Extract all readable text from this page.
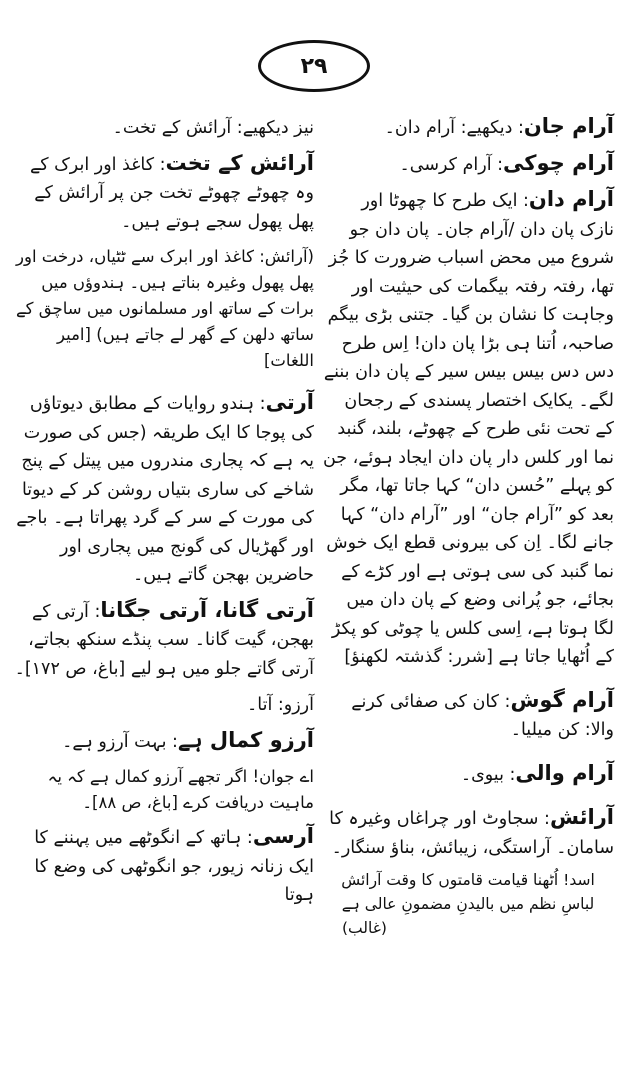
۲۹
آرام جان: دیکھیے: آرام دان۔
آرام چوکی: آرام کرسی۔
آرام دان: ایک طرح کا چھوٹا اور نازک پان دان /آرام جان۔ پان دان جو شروع میں محض اسباب ضرورت کا جُز تھا، رفتہ رفتہ بیگمات کی حیثیت اور وجاہت کا نشان بن گیا۔ جتنی بڑی بیگم صاحبہ، اُتنا ہی بڑا پان دان! اِس طرح دس دس بیس بیس سیر کے پان دان بننے لگے۔ یکایک اختصار پسندی کے رجحان کے تحت نئی طرح کے چھوٹے، بلند، گنبد نما اور کلس دار پان دان ایجاد ہوئے، جن کو پہلے ”حُسن دان“ کہا جاتا تھا، مگر بعد کو ”آرام جان“ اور ”آرام دان“ کہا جانے لگا۔ اِن کی بیرونی قطع ایک خوش نما گنبد کی سی ہوتی ہے اور کڑے کے بجائے، جو پُرانی وضع کے پان دان میں لگا ہوتا ہے، اِسی کلس یا چوٹی کو پکڑ کے اُٹھایا جاتا ہے [شرر: گذشتہ لکھنؤ]
آرام گوش: کان کی صفائی کرنے والا: کن میلیا۔
آرام والی: بیوی۔
آرائش: سجاوٹ اور چراغاں وغیرہ کا سامان۔ آراستگی، زیبائش، بناؤ سنگار۔
اسد! اُٹھنا قیامت قامتوں کا وقت آرائش
لباسِ نظم میں بالیدنِ مضمونِ عالی ہے
(غالب)
نیز دیکھیے: آرائش کے تخت۔
آرائش کے تخت: کاغذ اور ابرک کے وہ چھوٹے چھوٹے تخت جن پر آرائش کے پھل پھول سجے ہوتے ہیں۔
(آرائش: کاغذ اور ابرک سے ٹٹیاں، درخت اور پھل پھول وغیرہ بناتے ہیں۔ ہندوؤں میں برات کے ساتھ اور مسلمانوں میں ساچق کے ساتھ دلھن کے گھر لے جاتے ہیں) [امیر اللغات]
آرتی: ہندو روایات کے مطابق دیوتاؤں کی پوجا کا ایک طریقہ (جس کی صورت یہ ہے کہ پجاری مندروں میں پیتل کے پنج شاخے کی ساری بتیاں روشن کر کے دیوتا کی مورت کے سر کے گرد پھراتا ہے۔ باجے اور گھڑیال کی گونج میں پجاری اور حاضرین بھجن گاتے ہیں۔
آرتی گانا، آرتی جگانا: آرتی کے بھجن، گیت گانا۔ سب پنڈے سنکھ بجاتے، آرتی گاتے جلو میں ہو لیے [باغ، ص ۱۷۲]۔
آرزو: آتا۔
آرزو کمال ہے: بہت آرزو ہے۔
اے جوان! اگر تجھے آرزو کمال ہے کہ یہ ماہیت دریافت کرے [باغ، ص ۸۸]۔
آرسی: ہاتھ کے انگوٹھے میں پہننے کا ایک زنانہ زیور، جو انگوٹھی کی وضع کا ہوتا
